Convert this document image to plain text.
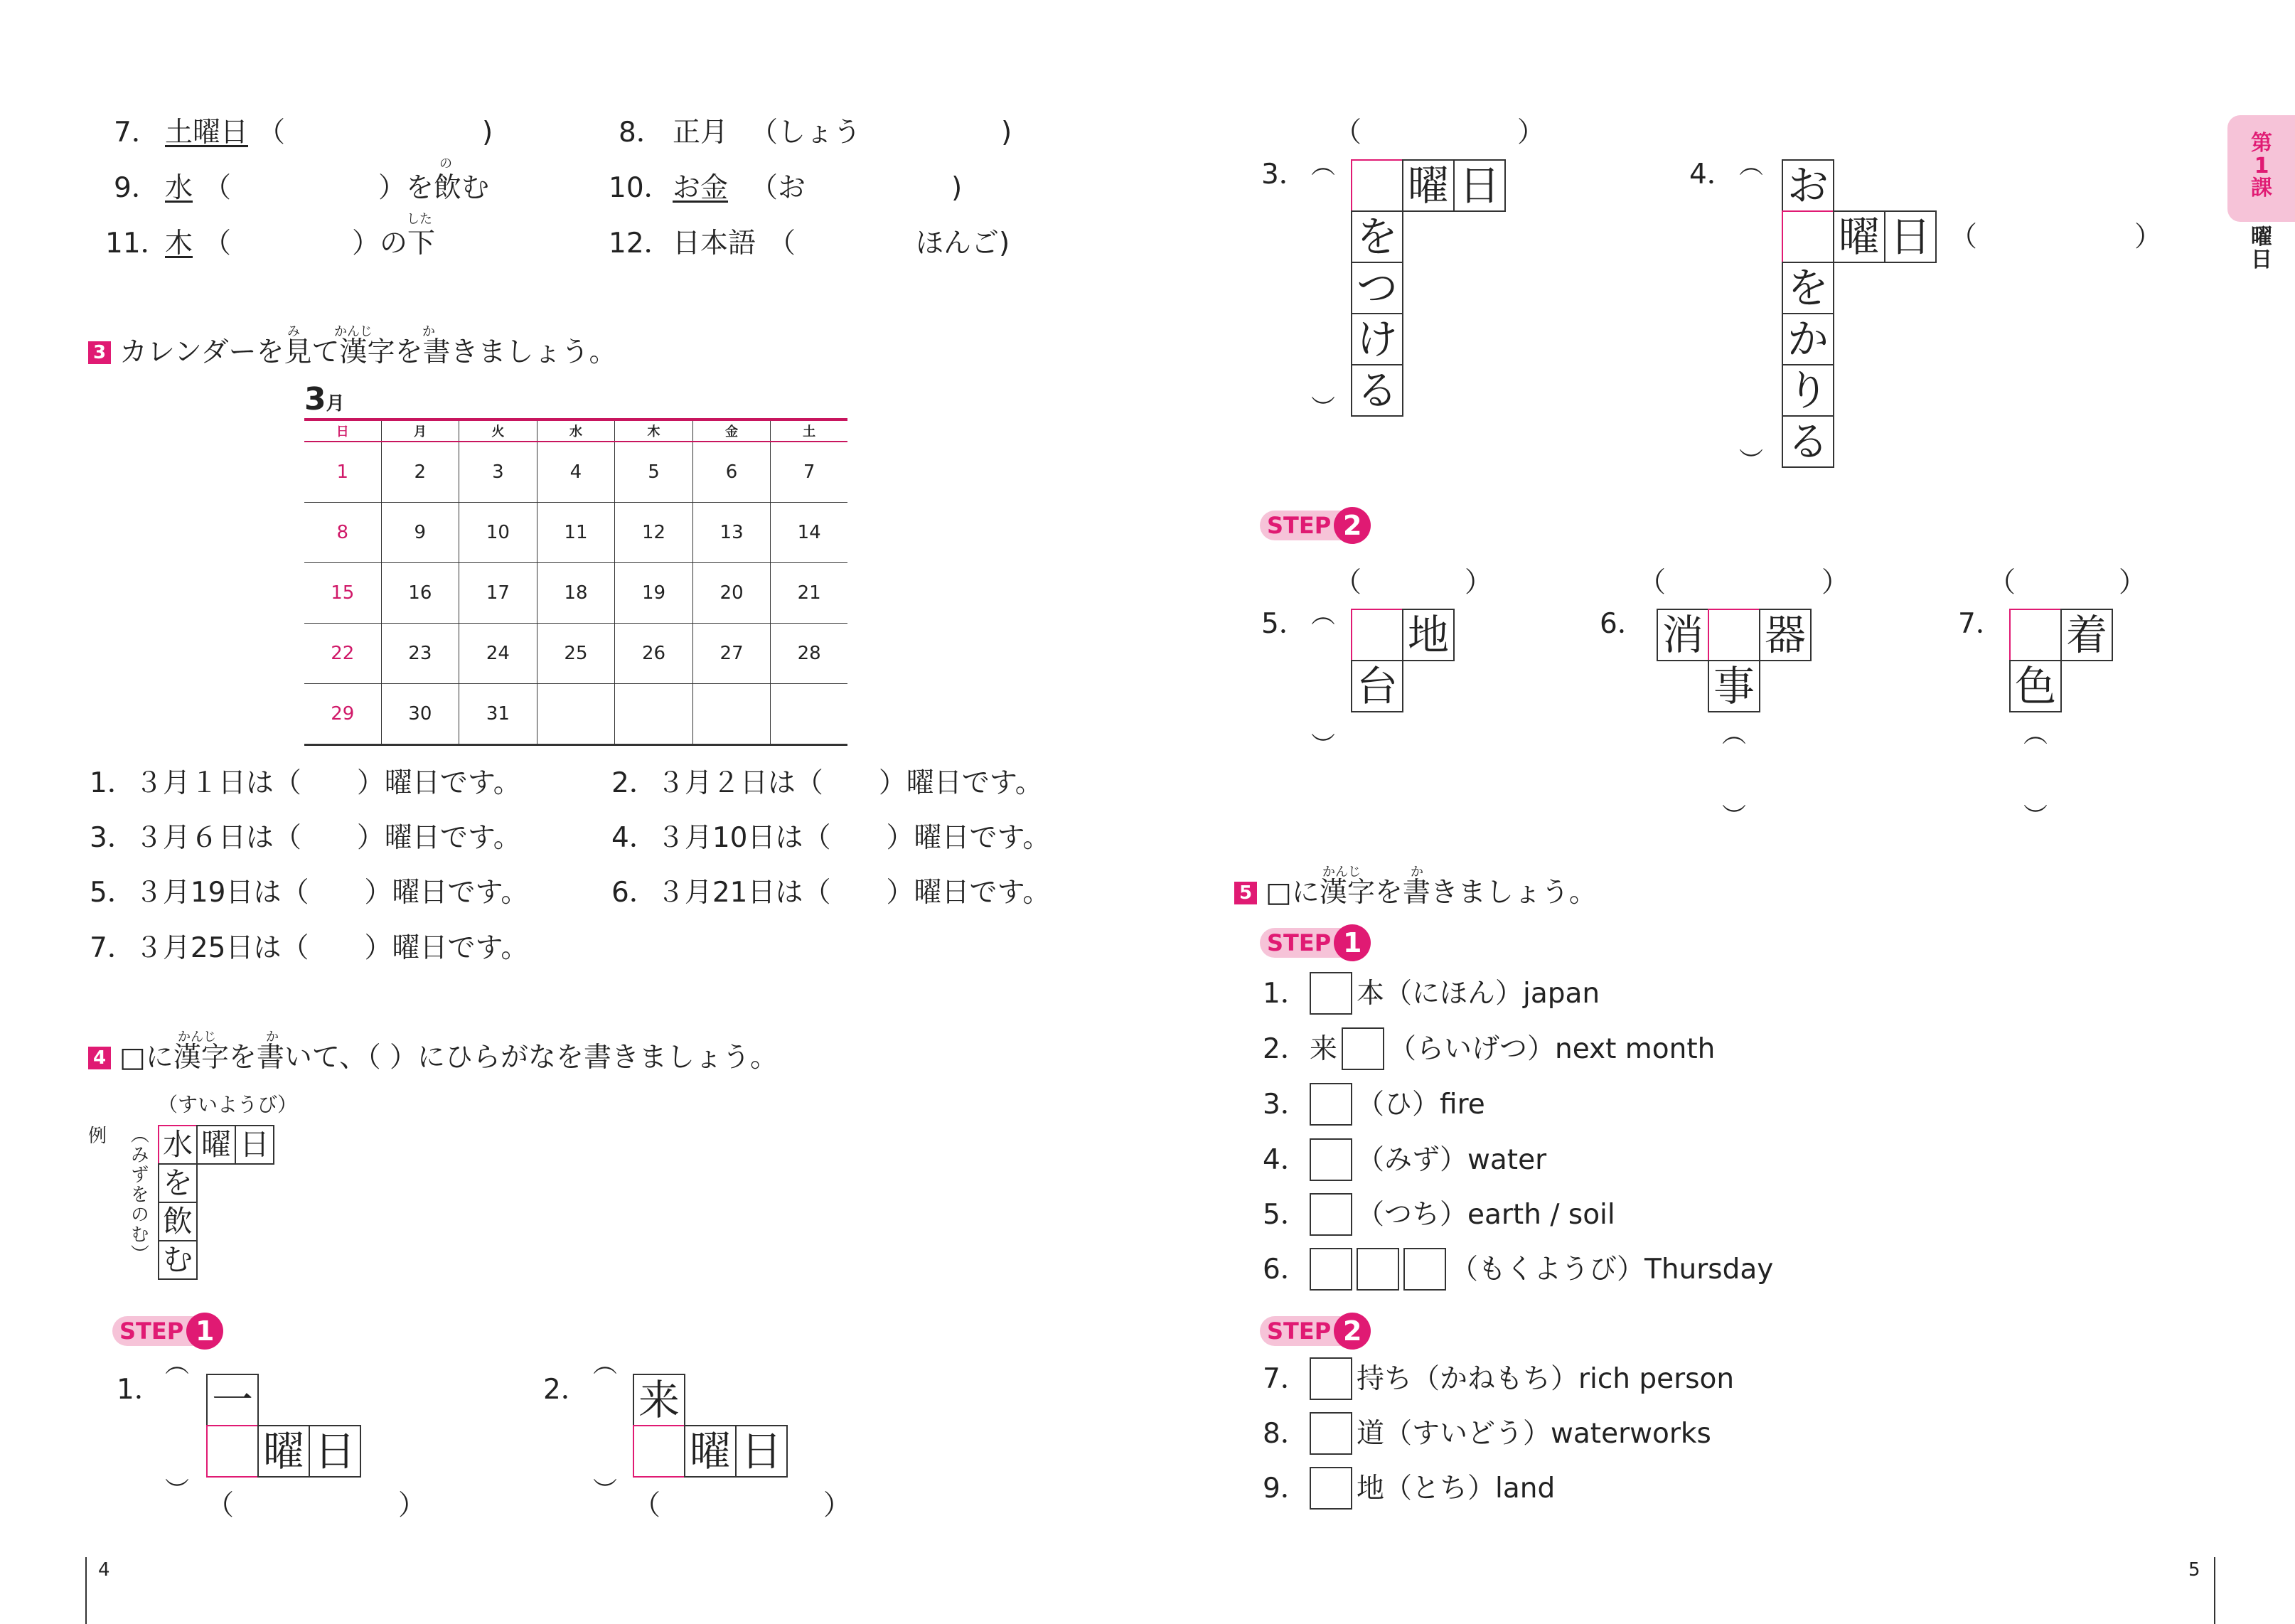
7． 土曜日 （	)	8． 正月 （しょう	)
9． 水 （	）を飲む
の
10． お金 （お	)
11．
木 （	）の下
した
12． 日本語 （	ほんご)
3 カレンダーを見て漢字を書きましょう。
み	かんじ	か
3月
日	月	火	水	木	金	土
1	2	3	4	5	6	7
8	9	10	11	12	13	14
15	16	17	18	19	20	21
22	23	24	25	26	27	28
29	30	31				
1．３月１日は（　　）曜日です。	2．３月２日は（　　）曜日です。
3．３月６日は（　　）曜日です。	4．３月10日は（　　）曜日です。
5．３月19日は（　　）曜日です。	6．３月21日は（　　）曜日です。
7．３月25日は（　　）曜日です。
4 □に漢字を書いて、（ ）にひらがなを書きましょう。
かんじ	か
例
（すいようび）
（みずをのむ） 水 曜 日
を
飲
む
STEP 1
1．
︵
︶
一
曜 日
（	）
2．
︵
︶
来
曜 日
（	）
4
（	）
3． ︵
︶
曜 日
を
つ
け
る
4． ︵
︶
お
曜 日 （	）
を
か
り
る
STEP 2
（	）
5． ︵
︶
地
台
（	）
6． 消 器
事
︵
︶
（	）
7． 着
色
︵
︶
5 □に漢字を書きましょう。
かんじ	か
STEP 1
1． 本（にほん）japan
2． 来 （らいげつ）next month
3． （ひ）fire
4． （みず）water
5． （つち）earth / soil
6．	（もくようび）Thursday
STEP 2
7． 持ち（かねもち）rich person
8． 道（すいどう）waterworks
9． 地（とち）land
第1課
曜日
5
